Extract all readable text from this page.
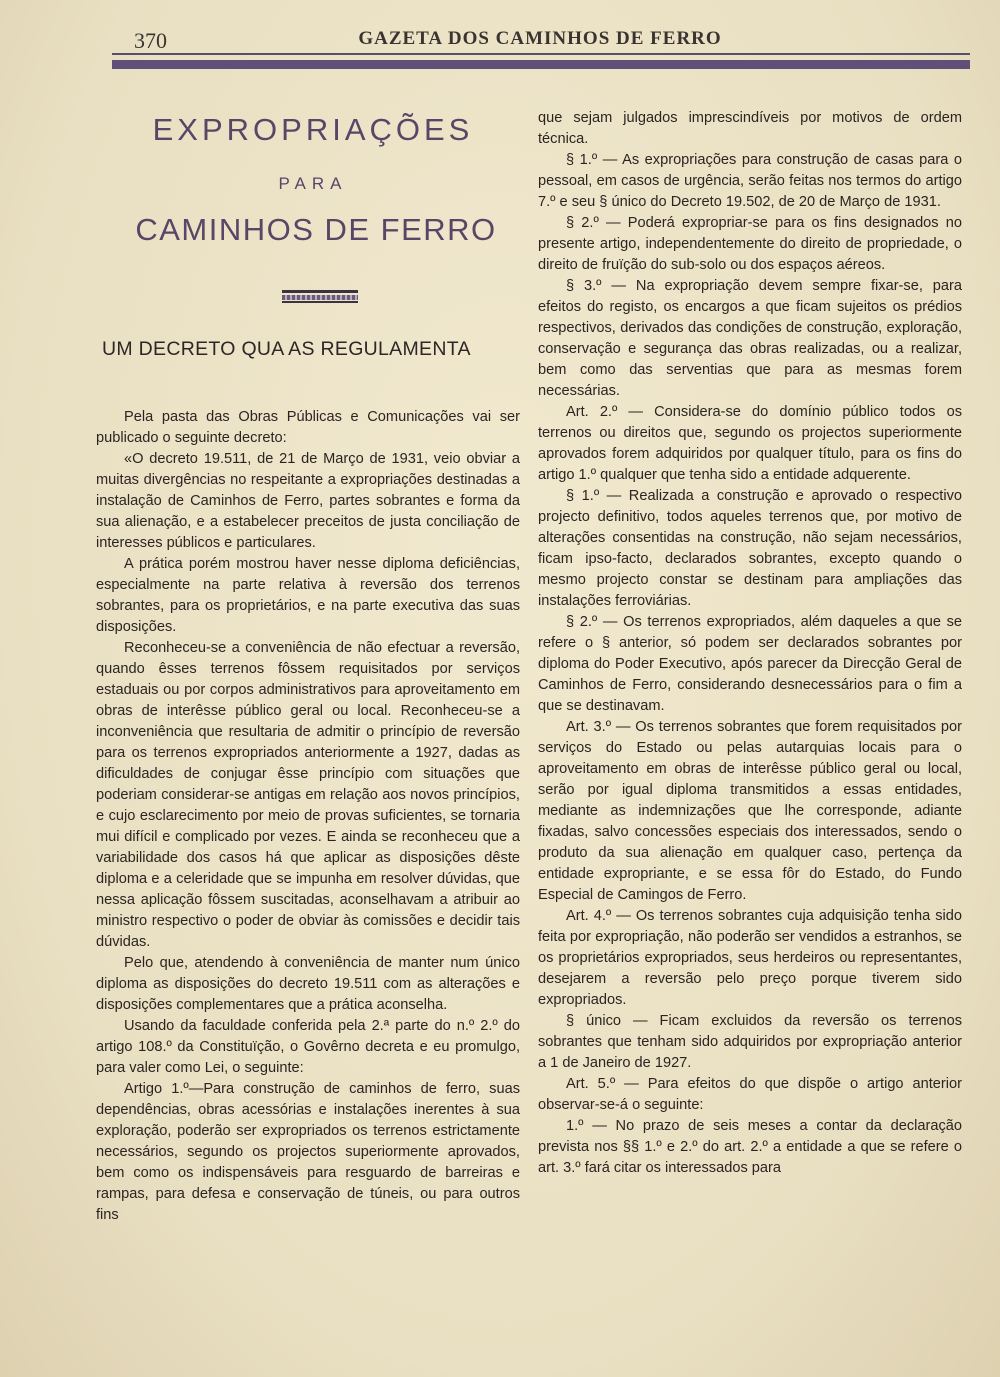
370	GAZETA DOS CAMINHOS DE FERRO
EXPROPRIAÇÕES
PARA
CAMINHOS DE FERRO
UM DECRETO QUA AS REGULAMENTA

Pela pasta das Obras Públicas e Comunicações vai ser publicado o seguinte decreto:

«O decreto 19.511, de 21 de Março de 1931, veio obviar a muitas divergências no respeitante a expropriações destinadas a instalação de Caminhos de Ferro, partes sobrantes e forma da sua alienação, e a estabelecer preceitos de justa conciliação de interesses públicos e particulares.

A prática porém mostrou haver nesse diploma deficiências, especialmente na parte relativa à reversão dos terrenos sobrantes, para os proprietários, e na parte executiva das suas disposições.

Reconheceu-se a conveniência de não efectuar a reversão, quando êsses terrenos fôssem requisitados por serviços estaduais ou por corpos administrativos para aproveitamento em obras de interêsse público geral ou local. Reconheceu-se a inconveniência que resultaria de admitir o princípio de reversão para os terrenos expropriados anteriormente a 1927, dadas as dificuldades de conjugar êsse princípio com situações que poderiam considerar-se antigas em relação aos novos princípios, e cujo esclarecimento por meio de provas suficientes, se tornaria mui difícil e complicado por vezes. E ainda se reconheceu que a variabilidade dos casos há que aplicar as disposições dêste diploma e a celeridade que se impunha em resolver dúvidas, que nessa aplicação fôssem suscitadas, aconselhavam a atribuir ao ministro respectivo o poder de obviar às comissões e decidir tais dúvidas.

Pelo que, atendendo à conveniência de manter num único diploma as disposições do decreto 19.511 com as alterações e disposições complementares que a prática aconselha.

Usando da faculdade conferida pela 2.ª parte do n.º 2.º do artigo 108.º da Constituïção, o Govêrno decreta e eu promulgo, para valer como Lei, o seguinte:

Artigo 1.º—Para construção de caminhos de ferro, suas dependências, obras acessórias e instalações inerentes à sua exploração, poderão ser expropriados os terrenos estrictamente necessários, segundo os projectos superiormente aprovados, bem como os indispensáveis para resguardo de barreiras e rampas, para defesa e conservação de túneis, ou para outros fins

que sejam julgados imprescindíveis por motivos de ordem técnica.

§ 1.º — As expropriações para construção de casas para o pessoal, em casos de urgência, serão feitas nos termos do artigo 7.º e seu § único do Decreto 19.502, de 20 de Março de 1931.

§ 2.º — Poderá expropriar-se para os fins designados no presente artigo, independentemente do direito de propriedade, o direito de fruïção do sub-solo ou dos espaços aéreos.

§ 3.º — Na expropriação devem sempre fixar-se, para efeitos do registo, os encargos a que ficam sujeitos os prédios respectivos, derivados das condições de construção, exploração, conservação e segurança das obras realizadas, ou a realizar, bem como das serventias que para as mesmas forem necessárias.

Art. 2.º — Considera-se do domínio público todos os terrenos ou direitos que, segundo os projectos superiormente aprovados forem adquiridos por qualquer título, para os fins do artigo 1.º qualquer que tenha sido a entidade adquerente.

§ 1.º — Realizada a construção e aprovado o respectivo projecto definitivo, todos aqueles terrenos que, por motivo de alterações consentidas na construção, não sejam necessários, ficam ipso-facto, declarados sobrantes, excepto quando o mesmo projecto constar se destinam para ampliações das instalações ferroviárias.

§ 2.º — Os terrenos expropriados, além daqueles a que se refere o § anterior, só podem ser declarados sobrantes por diploma do Poder Executivo, após parecer da Direcção Geral de Caminhos de Ferro, considerando desnecessários para o fim a que se destinavam.

Art. 3.º — Os terrenos sobrantes que forem requisitados por serviços do Estado ou pelas autarquias locais para o aproveitamento em obras de interêsse público geral ou local, serão por igual diploma transmitidos a essas entidades, mediante as indemnizações que lhe corresponde, adiante fixadas, salvo concessões especiais dos interessados, sendo o produto da sua alienação em qualquer caso, pertença da entidade expropriante, e se essa fôr do Estado, do Fundo Especial de Camingos de Ferro.

Art. 4.º — Os terrenos sobrantes cuja adquisição tenha sido feita por expropriação, não poderão ser vendidos a estranhos, se os proprietários expropriados, seus herdeiros ou representantes, desejarem a reversão pelo preço porque tiverem sido expropriados.

§ único — Ficam excluidos da reversão os terrenos sobrantes que tenham sido adquiridos por expropriação anterior a 1 de Janeiro de 1927.

Art. 5.º — Para efeitos do que dispõe o artigo anterior observar-se-á o seguinte:

1.º — No prazo de seis meses a contar da declaração prevista nos §§ 1.º e 2.º do art. 2.º a entidade a que se refere o art. 3.º fará citar os interessados para
